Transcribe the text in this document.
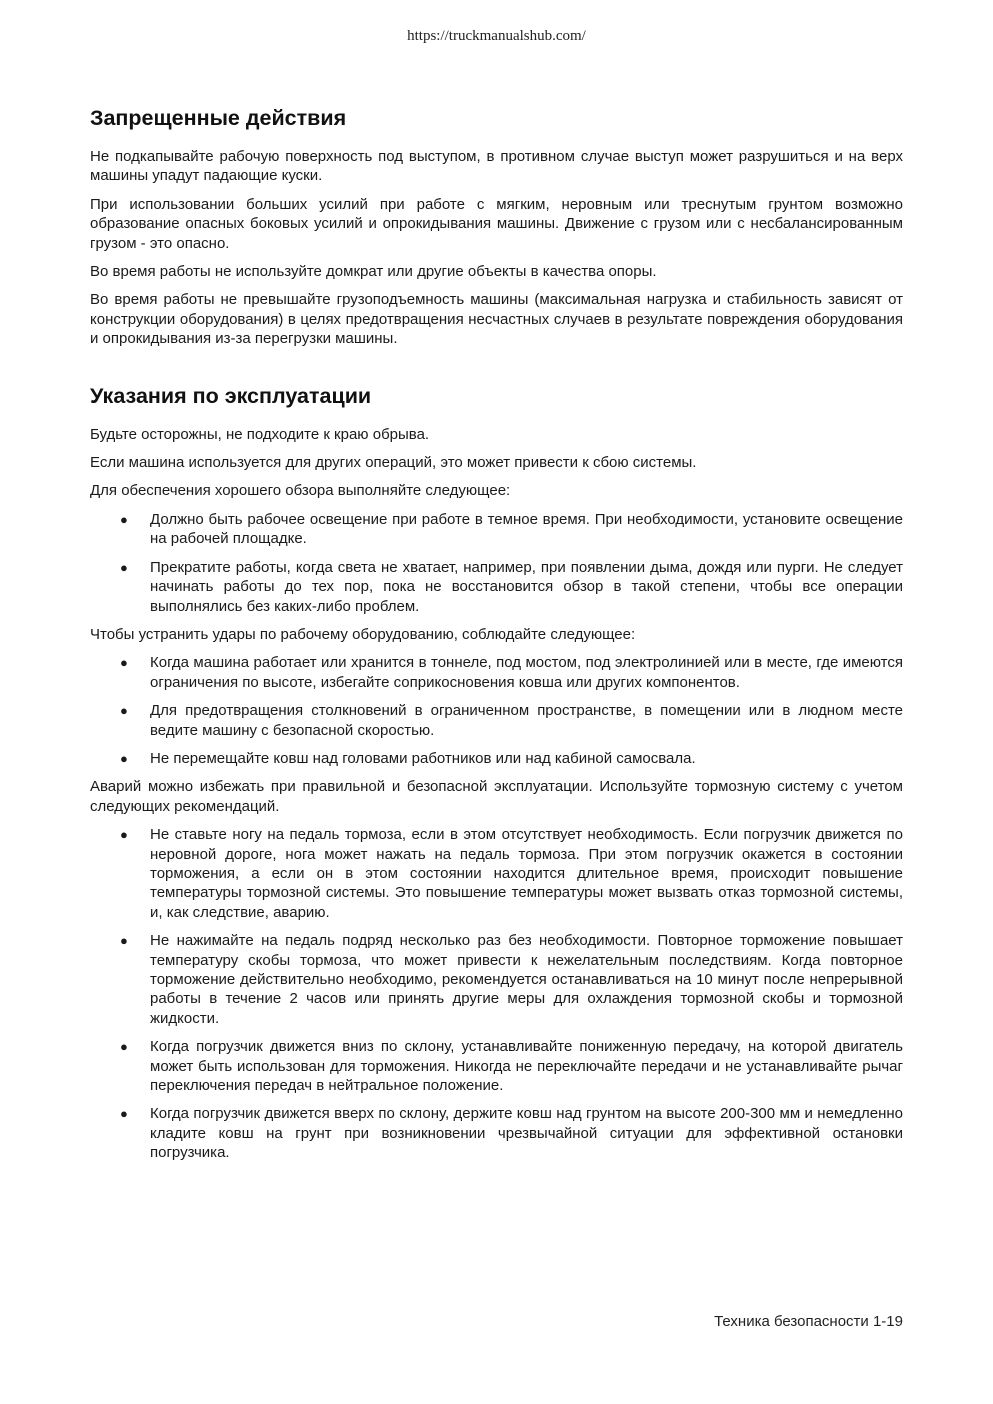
https://truckmanualshub.com/
Запрещенные действия

Не подкапывайте рабочую поверхность под выступом, в противном случае выступ может разрушиться и на верх машины упадут падающие куски.

При использовании больших усилий при работе с мягким, неровным или треснутым грунтом возможно образование опасных боковых усилий и опрокидывания машины. Движение с грузом или с несбалансированным грузом - это опасно.

Во время работы не используйте домкрат или другие объекты в качества опоры.

Во время работы не превышайте грузоподъемность машины (максимальная нагрузка и стабильность зависят от конструкции оборудования) в целях предотвращения несчастных случаев в результате повреждения оборудования и опрокидывания из-за перегрузки машины.

Указания по эксплуатации

Будьте осторожны, не подходите к краю обрыва.

Если машина используется для других операций, это может привести к сбою системы.

Для обеспечения хорошего обзора выполняйте следующее:

● Должно быть рабочее освещение при работе в темное время. При необходимости, установите освещение на рабочей площадке.
● Прекратите работы, когда света не хватает, например, при появлении дыма, дождя или пурги. Не следует начинать работы до тех пор, пока не восстановится обзор в такой степени, чтобы все операции выполнялись без каких-либо проблем.

Чтобы устранить удары по рабочему оборудованию, соблюдайте следующее:

● Когда машина работает или хранится в тоннеле, под мостом, под электролинией или в месте, где имеются ограничения по высоте, избегайте соприкосновения ковша или других компонентов.
● Для предотвращения столкновений в ограниченном пространстве, в помещении или в людном месте ведите машину с безопасной скоростью.
● Не перемещайте ковш над головами работников или над кабиной самосвала.

Аварий можно избежать при правильной и безопасной эксплуатации. Используйте тормозную систему с учетом следующих рекомендаций.

● Не ставьте ногу на педаль тормоза, если в этом отсутствует необходимость. Если погрузчик движется по неровной дороге, нога может нажать на педаль тормоза. При этом погрузчик окажется в состоянии торможения, а если он в этом состоянии находится длительное время, происходит повышение температуры тормозной системы. Это повышение температуры может вызвать отказ тормозной системы, и, как следствие, аварию.
● Не нажимайте на педаль подряд несколько раз без необходимости. Повторное торможение повышает температуру скобы тормоза, что может привести к нежелательным последствиям. Когда повторное торможение действительно необходимо, рекомендуется останавливаться на 10 минут после непрерывной работы в течение 2 часов или принять другие меры для охлаждения тормозной скобы и тормозной жидкости.
● Когда погрузчик движется вниз по склону, устанавливайте пониженную передачу, на которой двигатель может быть использован для торможения. Никогда не переключайте передачи и не устанавливайте рычаг переключения передач в нейтральное положение.
● Когда погрузчик движется вверх по склону, держите ковш над грунтом на высоте 200-300 мм и немедленно кладите ковш на грунт при возникновении чрезвычайной ситуации для эффективной остановки погрузчика.
Техника безопасности 1-19
